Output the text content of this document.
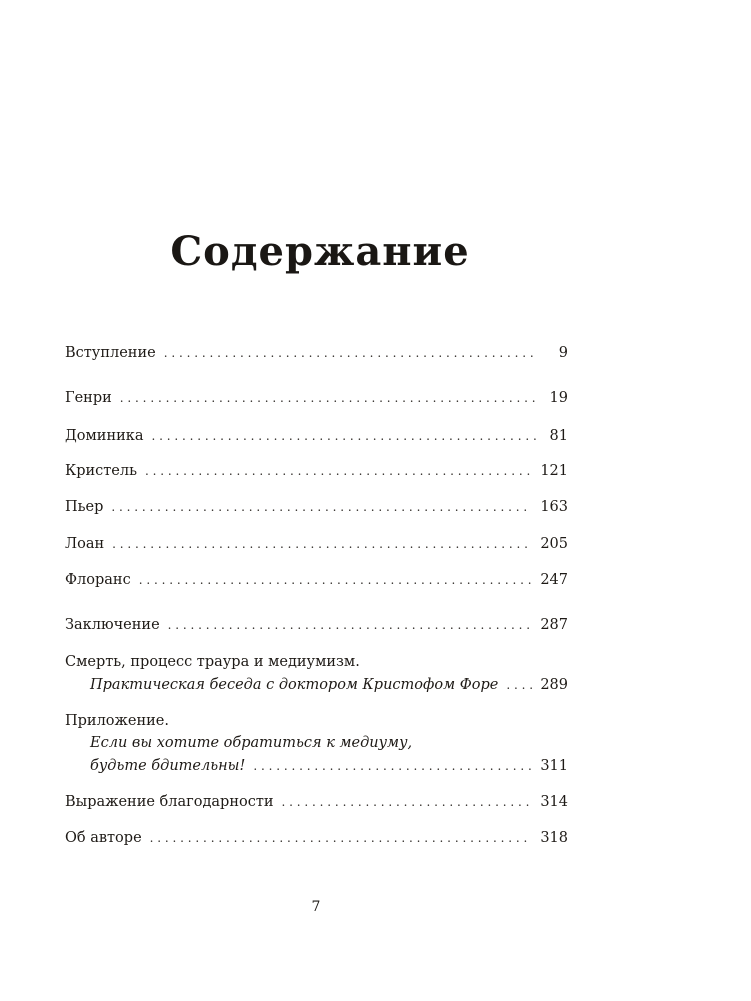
Содержание
Вступление . . .	9
Генри . . .	19
Доминика . . .	81
Кристель . . .	121
Пьер . . .	163
Лоан . . .	205
Флоранс . . .	247
Заключение . . .	287
Смерть, процесс траура и медиумизм.
Практическая беседа с доктором Кристофом Форе . . .	289
Приложение.
Если вы хотите обратиться к медиуму,
будьте бдительны! . . .	311
Выражение благодарности . . .	314
Об авторе . . .	318
7
